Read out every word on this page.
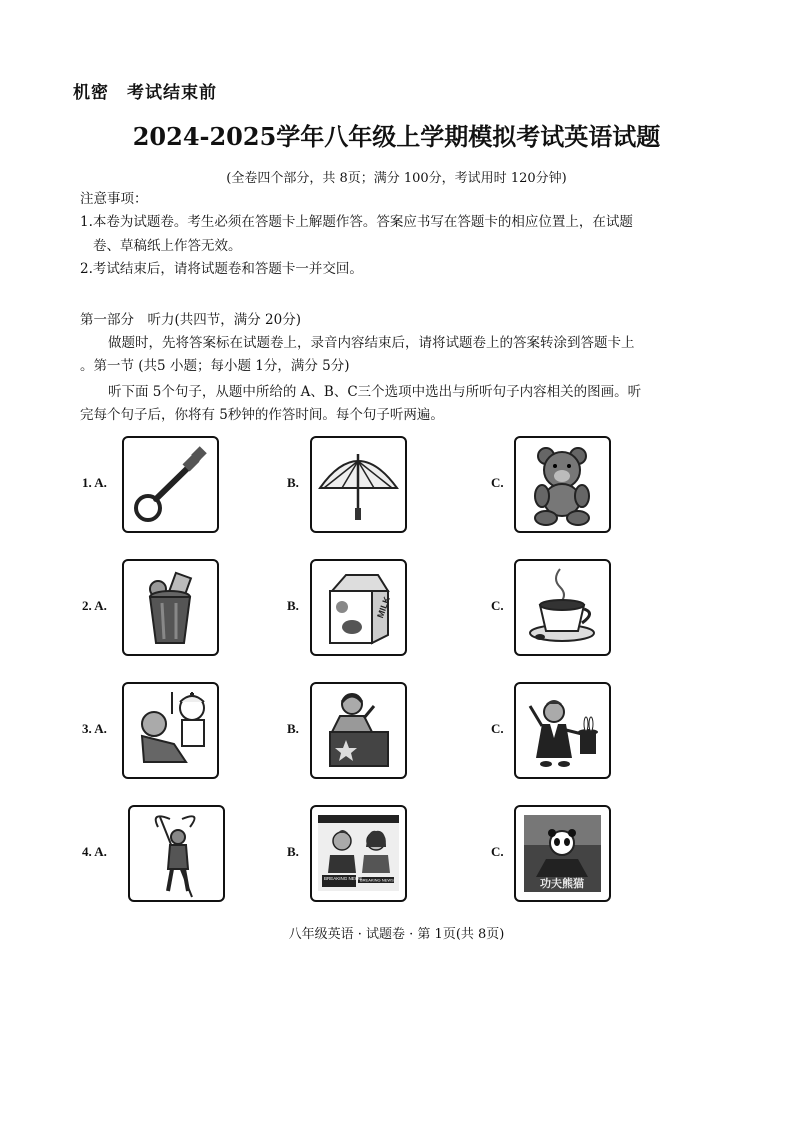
机密　考试结束前
2024-2025学年八年级上学期模拟考试英语试题
(全卷四个部分，共 8页；满分 100分，考试用时 120分钟)
注意事项：
1.本卷为试题卷。考生必须在答题卡上解题作答。答案应书写在答题卡的相应位置上，在试题
卷、草稿纸上作答无效。
2.考试结束后，请将试题卷和答题卡一并交回。
第一部分　听力(共四节，满分 20分)
做题时，先将答案标在试题卷上，录音内容结束后，请将试题卷上的答案转涂到答题卡上
。第一节 (共5 小题；每小题 1分，满分 5分)
听下面 5个句子，从题中所给的 A、B、C三个选项中选出与所听句子内容相关的图画。听
完每个句子后，你将有 5秒钟的作答时间。每个句子听两遍。
1. A.	B.	C.
2. A.	B.	MILK	C.
3. A.	B.	C.
4. A.	B.
BREAKING NEWS
BREAKING NEWS
C.
功夫熊猫
八年级英语 · 试题卷 · 第 1页(共 8页)
